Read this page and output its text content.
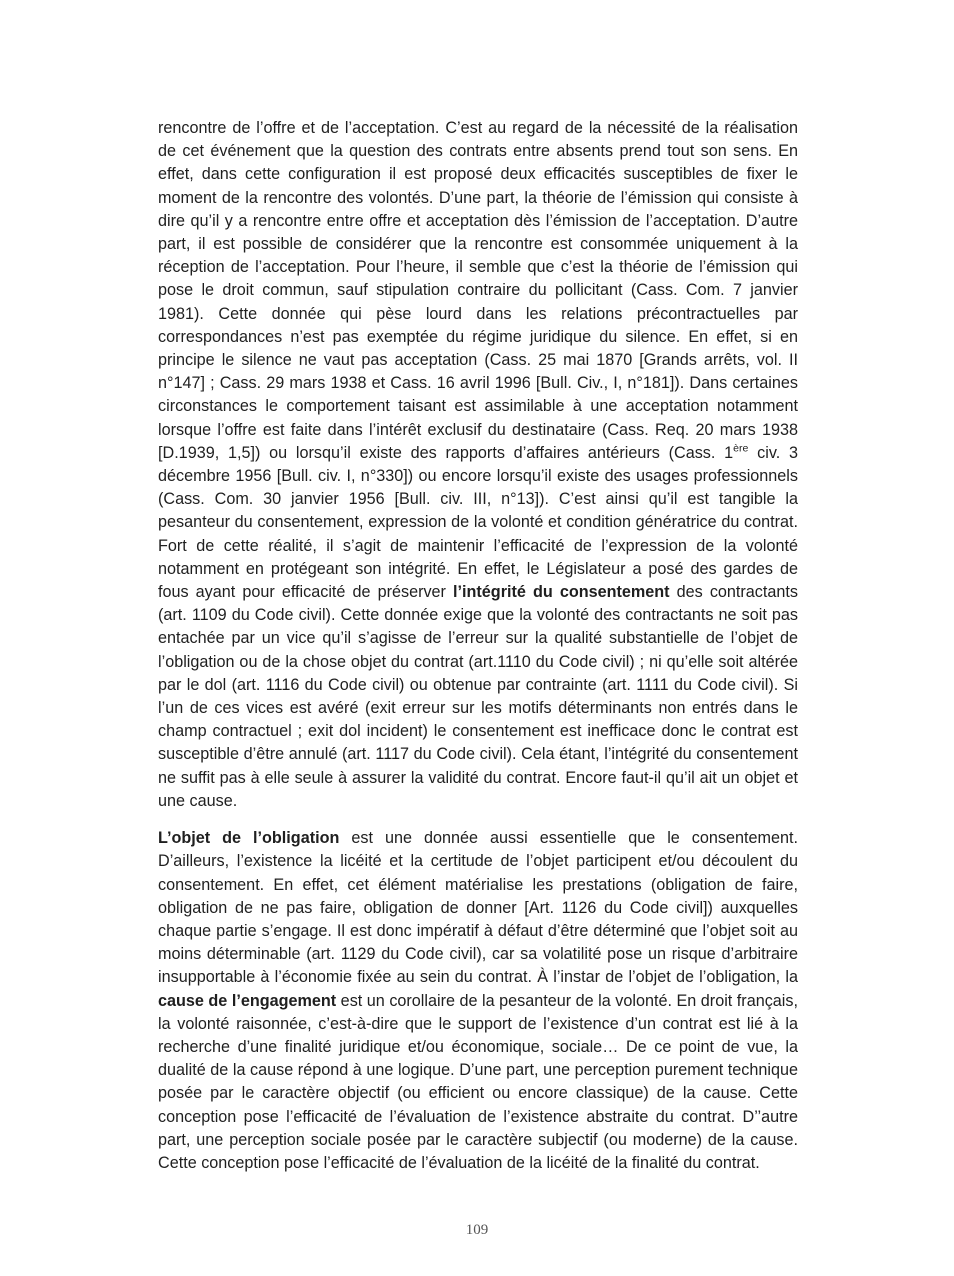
rencontre de l’offre et de l’acceptation. C’est au regard de la nécessité de la réalisation de cet événement que la question des contrats entre absents prend tout son sens. En effet, dans cette configuration il est proposé deux efficacités susceptibles de fixer le moment de la rencontre des volontés. D’une part, la théorie de l’émission qui consiste à dire qu’il y a rencontre entre offre et acceptation dès l’émission de l’acceptation. D’autre part, il est possible de considérer que la rencontre est consommée uniquement à la réception de l’acceptation. Pour l’heure, il semble que c’est la théorie de l’émission qui pose le droit commun, sauf stipulation contraire du pollicitant (Cass. Com. 7 janvier 1981). Cette donnée qui pèse lourd dans les relations précontractuelles par correspondances n’est pas exemptée du régime juridique du silence. En effet, si en principe le silence ne vaut pas acceptation (Cass. 25 mai 1870 [Grands arrêts, vol. II n°147] ; Cass. 29 mars 1938 et Cass. 16 avril 1996 [Bull. Civ., I, n°181]). Dans certaines circonstances le comportement taisant est assimilable à une acceptation notamment lorsque l’offre est faite dans l’intérêt exclusif du destinataire (Cass. Req. 20 mars 1938 [D.1939, 1,5]) ou lorsqu’il existe des rapports d’affaires antérieurs (Cass. 1ère civ. 3 décembre 1956 [Bull. civ. I, n°330]) ou encore lorsqu’il existe des usages professionnels (Cass. Com. 30 janvier 1956 [Bull. civ. III, n°13]). C’est ainsi qu’il est tangible la pesanteur du consentement, expression de la volonté et condition génératrice du contrat. Fort de cette réalité, il s’agit de maintenir l’efficacité de l’expression de la volonté notamment en protégeant son intégrité. En effet, le Législateur a posé des gardes de fous ayant pour efficacité de préserver l’intégrité du consentement des contractants (art. 1109 du Code civil). Cette donnée exige que la volonté des contractants ne soit pas entachée par un vice qu’il s’agisse de l’erreur sur la qualité substantielle de l’objet de l’obligation ou de la chose objet du contrat (art.1110 du Code civil) ; ni qu’elle soit altérée par le dol (art. 1116 du Code civil) ou obtenue par contrainte (art. 1111 du Code civil). Si l’un de ces vices est avéré (exit erreur sur les motifs déterminants non entrés dans le champ contractuel ; exit dol incident) le consentement est inefficace donc le contrat est susceptible d’être annulé (art. 1117 du Code civil). Cela étant, l’intégrité du consentement ne suffit pas à elle seule à assurer la validité du contrat. Encore faut-il qu’il ait un objet et une cause.

L’objet de l’obligation est une donnée aussi essentielle que le consentement. D’ailleurs, l’existence la licéité et la certitude de l’objet participent et/ou découlent du consentement. En effet, cet élément matérialise les prestations (obligation de faire, obligation de ne pas faire, obligation de donner [Art. 1126 du Code civil]) auxquelles chaque partie s’engage. Il est donc impératif à défaut d’être déterminé que l’objet soit au moins déterminable (art. 1129 du Code civil), car sa volatilité pose un risque d’arbitraire insupportable à l’économie fixée au sein du contrat. À l’instar de l’objet de l’obligation, la cause de l’engagement est un corollaire de la pesanteur de la volonté. En droit français, la volonté raisonnée, c’est-à-dire que le support de l’existence d’un contrat est lié à la recherche d’une finalité juridique et/ou économique, sociale… De ce point de vue, la dualité de la cause répond à une logique. D’une part, une perception purement technique posée par le caractère objectif (ou efficient ou encore classique) de la cause. Cette conception pose l’efficacité de l’évaluation de l’existence abstraite du contrat. D’’autre part, une perception sociale posée par le caractère subjectif (ou moderne) de la cause. Cette conception pose l’efficacité de l’évaluation de la licéité de la finalité du contrat.

109
